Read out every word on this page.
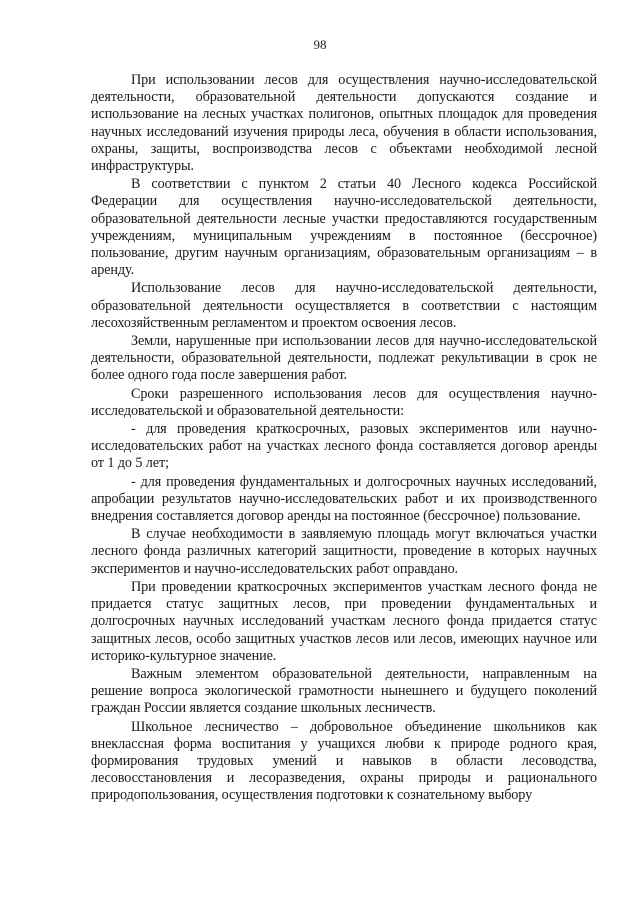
98

При использовании лесов для осуществления научно-исследовательской деятельности, образовательной деятельности допускаются создание и использование на лесных участках полигонов, опытных площадок для проведения научных исследований изучения природы леса, обучения в области использования, охраны, защиты, воспроизводства лесов с объектами необходимой лесной инфраструктуры.

В соответствии с пунктом 2 статьи 40 Лесного кодекса Российской Федерации для осуществления научно-исследовательской деятельности, образовательной деятельности лесные участки предоставляются государственным учреждениям, муниципальным учреждениям в постоянное (бессрочное) пользование, другим научным организациям, образовательным организациям – в аренду.

Использование лесов для научно-исследовательской деятельности, образовательной деятельности осуществляется в соответствии с настоящим лесохозяйственным регламентом и проектом освоения лесов.

Земли, нарушенные при использовании лесов для научно-исследовательской деятельности, образовательной деятельности, подлежат рекультивации в срок не более одного года после завершения работ.

Сроки разрешенного использования лесов для осуществления научно-исследовательской и образовательной деятельности:

- для проведения краткосрочных, разовых экспериментов или научно-исследовательских работ на участках лесного фонда составляется договор аренды от 1 до 5 лет;

- для проведения фундаментальных и долгосрочных научных исследований, апробации результатов научно-исследовательских работ и их производственного внедрения составляется договор аренды на постоянное (бессрочное) пользование.

В случае необходимости в заявляемую площадь могут включаться участки лесного фонда различных категорий защитности, проведение в которых научных экспериментов и научно-исследовательских работ оправдано.

При проведении краткосрочных экспериментов участкам лесного фонда не придается статус защитных лесов, при проведении фундаментальных и долгосрочных научных исследований участкам лесного фонда придается статус защитных лесов, особо защитных участков лесов или лесов, имеющих научное или историко-культурное значение.

Важным элементом образовательной деятельности, направленным на решение вопроса экологической грамотности нынешнего и будущего поколений граждан России является создание школьных лесничеств.

Школьное лесничество – добровольное объединение школьников как внеклассная форма воспитания у учащихся любви к природе родного края, формирования трудовых умений и навыков в области лесоводства, лесовосстановления и лесоразведения, охраны природы и рационального природопользования, осуществления подготовки к сознательному выбору
